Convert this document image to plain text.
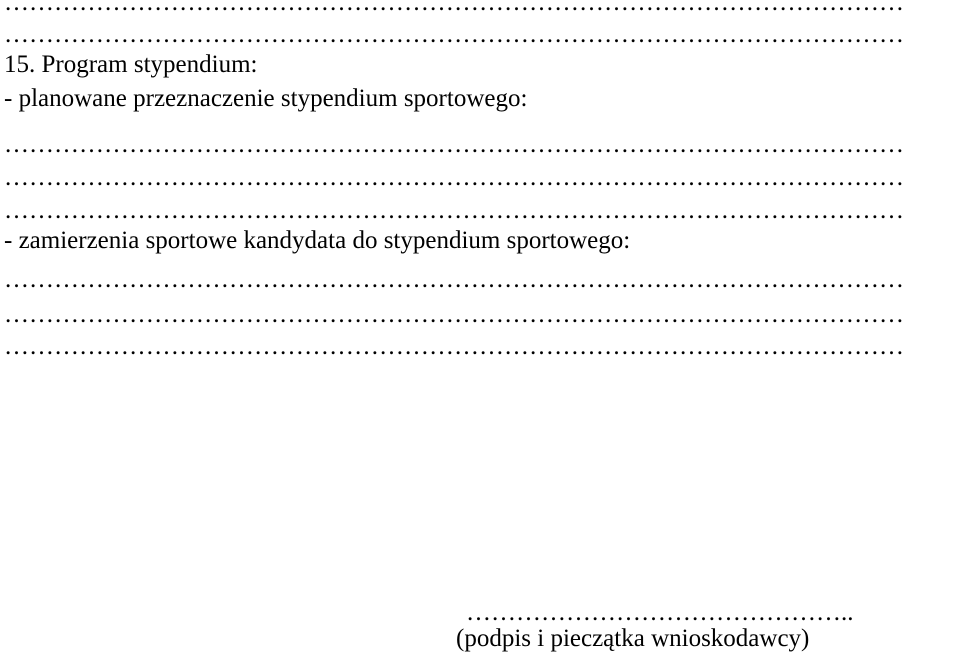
………………………………………………………………………………………………
………………………………………………………………………………………………
15. Program stypendium:
- planowane przeznaczenie stypendium sportowego:
………………………………………………………………………………………………
………………………………………………………………………………………………
………………………………………………………………………………………………
- zamierzenia sportowe kandydata do stypendium sportowego:
………………………………………………………………………………………………
………………………………………………………………………………………………
………………………………………………………………………………………………
………………………………………..
(podpis i pieczątka wnioskodawcy)
